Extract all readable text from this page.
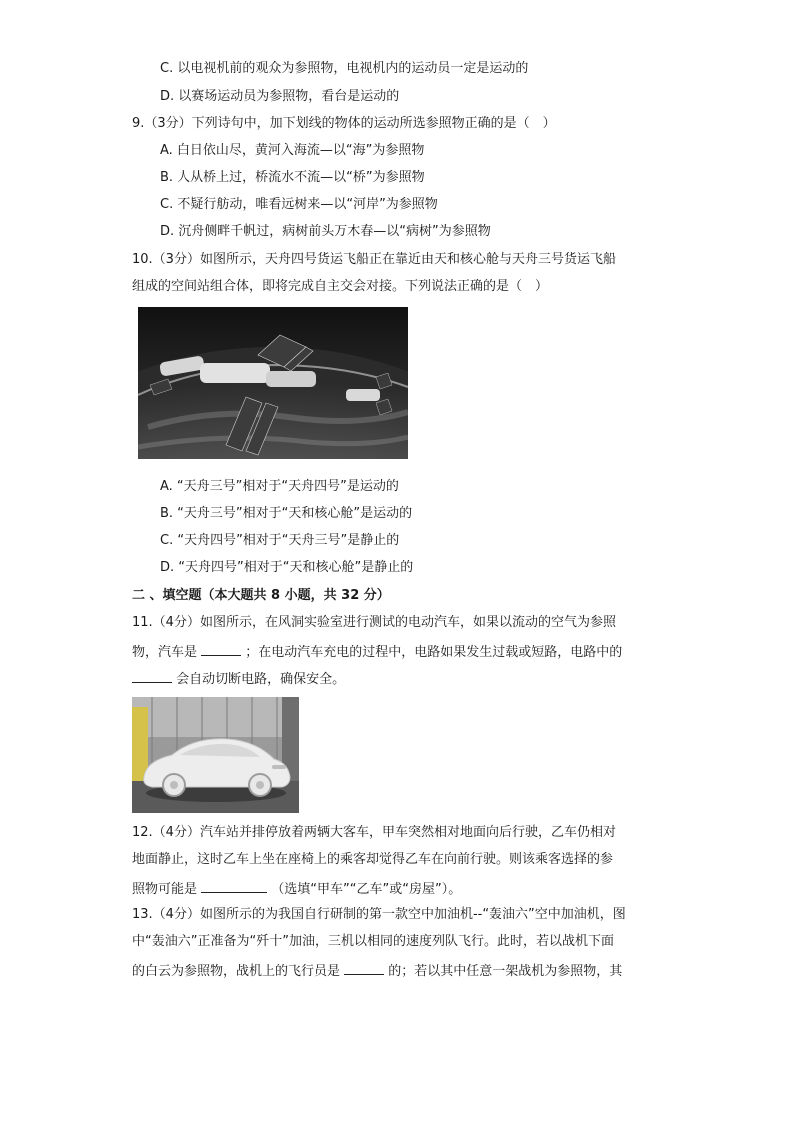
C. 以电视机前的观众为参照物，电视机内的运动员一定是运动的
D. 以赛场运动员为参照物，看台是运动的
9.（3分）下列诗句中，加下划线的物体的运动所选参照物正确的是（　）
A. 白日依山尽，黄河入海流—以“海”为参照物
B. 人从桥上过，桥流水不流—以“桥”为参照物
C. 不疑行舫动，唯看远树来—以“河岸”为参照物
D. 沉舟侧畔千帆过，病树前头万木春—以“病树”为参照物
10.（3分）如图所示，天舟四号货运飞船正在靠近由天和核心舱与天舟三号货运飞船
组成的空间站组合体，即将完成自主交会对接。下列说法正确的是（　）
A. “天舟三号”相对于“天舟四号”是运动的
B. “天舟三号”相对于“天和核心舱”是运动的
C. “天舟四号”相对于“天舟三号”是静止的
D. “天舟四号”相对于“天和核心舱”是静止的
二 、填空题（本大题共 8 小题，共 32 分）
11.（4分）如图所示，在风洞实验室进行测试的电动汽车，如果以流动的空气为参照
物，汽车是	；在电动汽车充电的过程中，电路如果发生过载或短路，电路中的
会自动切断电路，确保安全。
12.（4分）汽车站并排停放着两辆大客车，甲车突然相对地面向后行驶，乙车仍相对
地面静止，这时乙车上坐在座椅上的乘客却觉得乙车在向前行驶。则该乘客选择的参
照物可能是	（选填“甲车”“乙车”或“房屋”）。
13.（4分）如图所示的为我国自行研制的第一款空中加油机--“轰油六”空中加油机，图
中“轰油六”正准备为“歼十”加油，三机以相同的速度列队飞行。此时，若以战机下面
的白云为参照物，战机上的飞行员是	的；若以其中任意一架战机为参照物，其
